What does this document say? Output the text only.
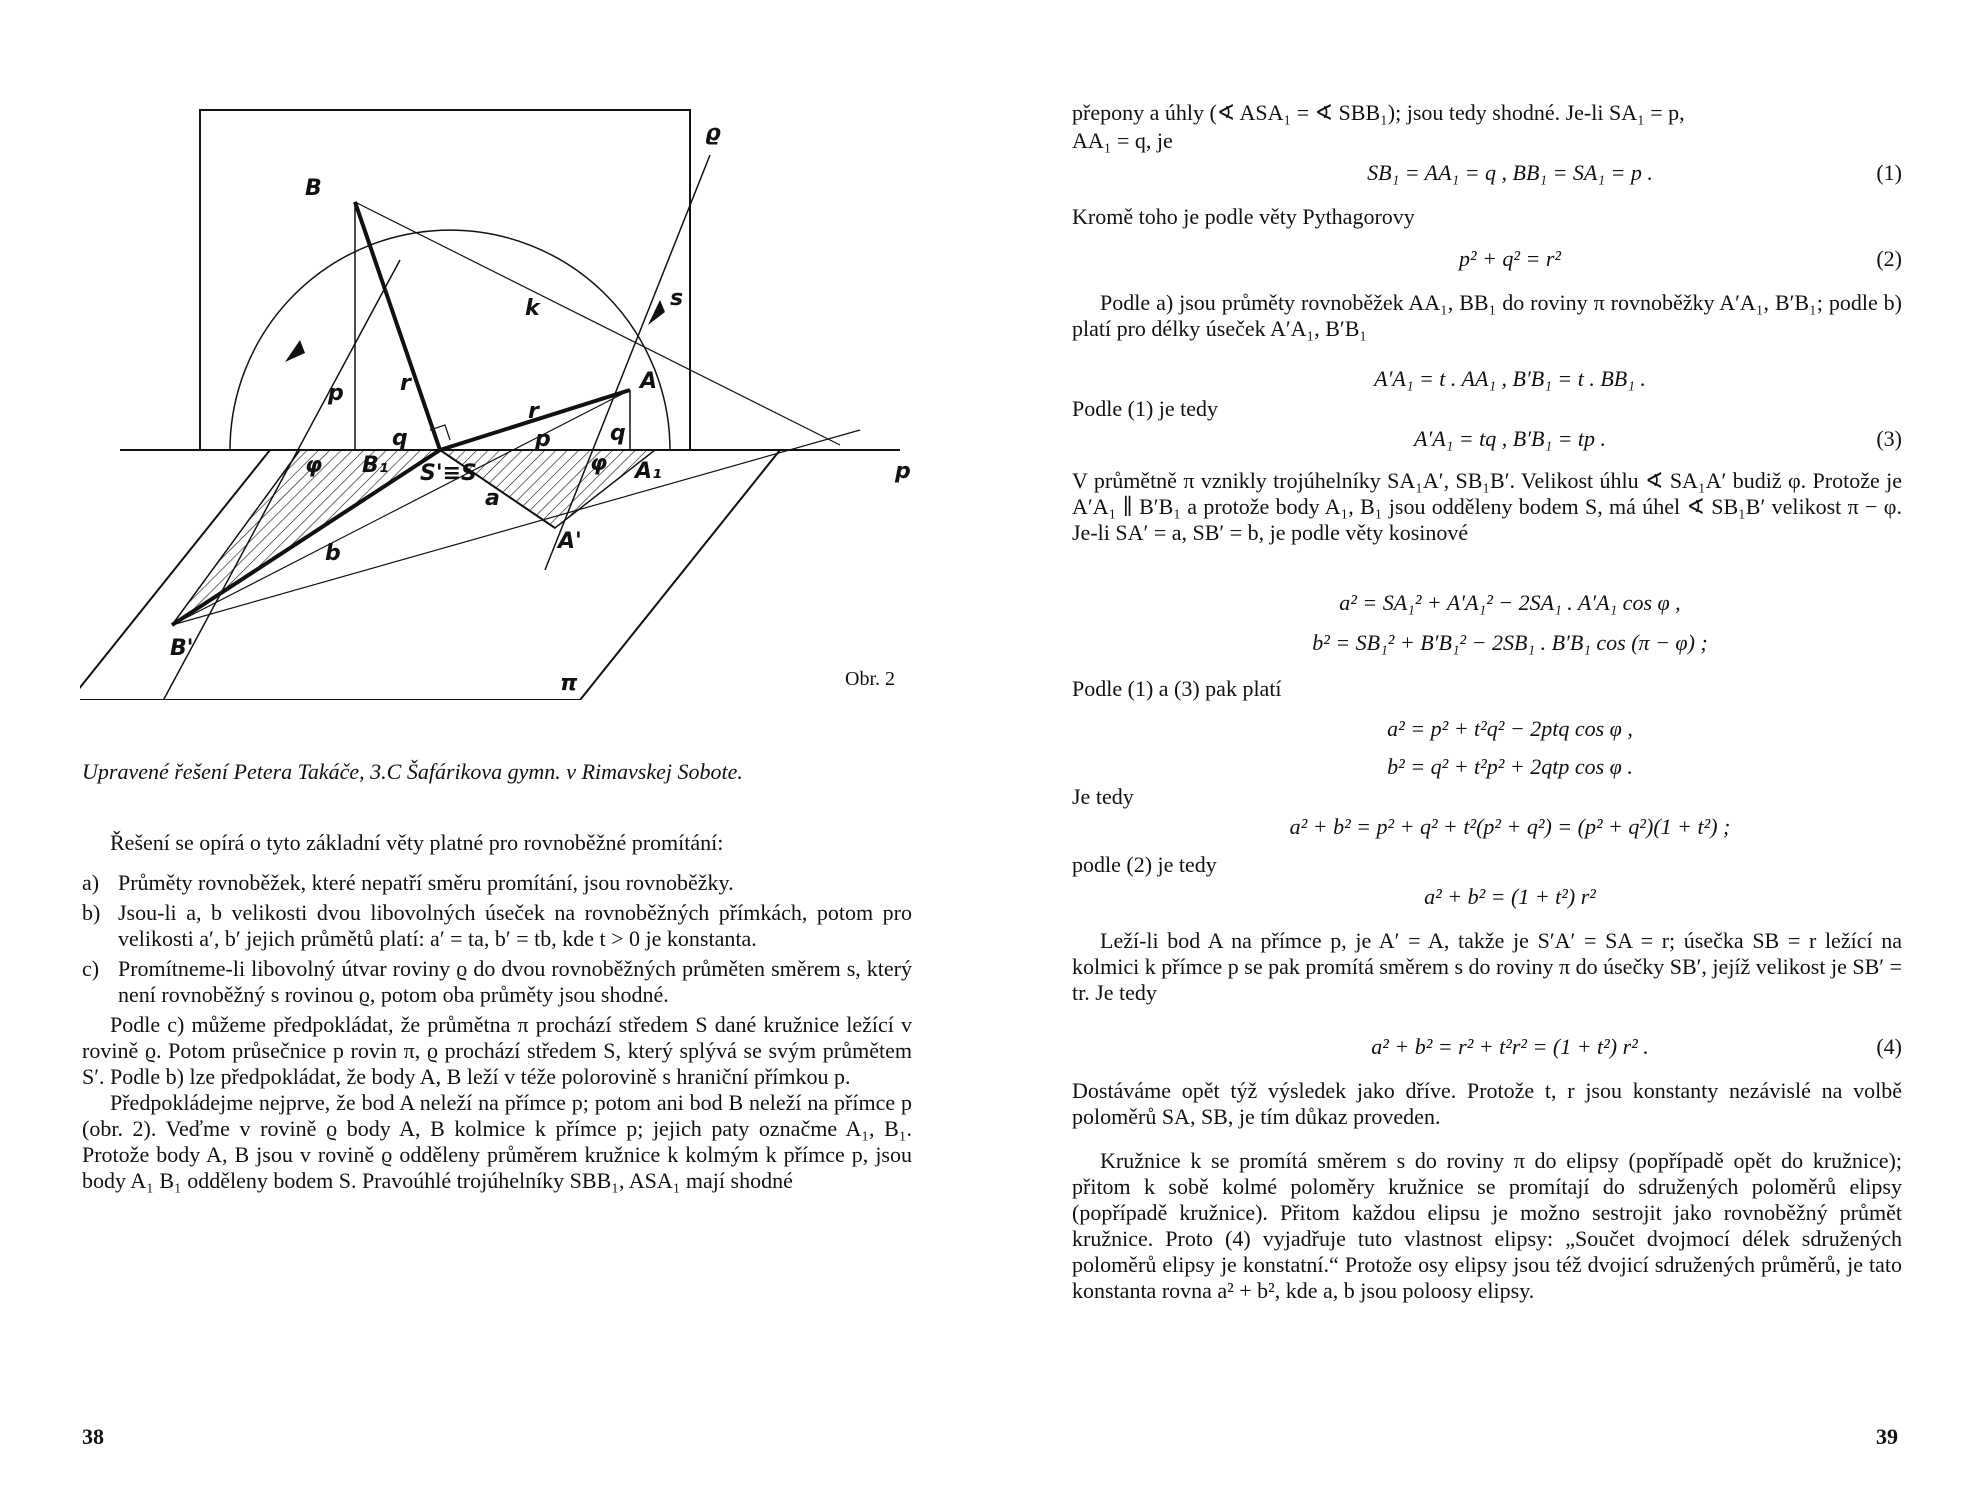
B
ϱ
k	s
A
p	r
r
q
q	p
φ B₁ S'≡S	φ A₁
a
A'
b
B'
π
p
Obr. 2
Upravené řešení Petera Takáče, 3.C Šafárikova gymn. v Rimavskej Sobote.

Řešení se opírá o tyto základní věty platné pro rovnoběžné promítání:

a) Průměty rovnoběžek, které nepatří směru promítání, jsou rovnoběžky.
b) Jsou-li a, b velikosti dvou libovolných úseček na rovnoběžných přímkách, potom pro velikosti a′, b′ jejich průmětů platí: a′ = ta, b′ = tb, kde t > 0 je konstanta.
c) Promítneme-li libovolný útvar roviny ϱ do dvou rovnoběžných průměten směrem s, který není rovnoběžný s rovinou ϱ, potom oba průměty jsou shodné.

Podle c) můžeme předpokládat, že průmětna π prochází středem S dané kružnice ležící v rovině ϱ. Potom průsečnice p rovin π, ϱ prochází středem S, který splývá se svým průmětem S′. Podle b) lze předpokládat, že body A, B leží v téže polorovině s hraniční přímkou p.

Předpokládejme nejprve, že bod A neleží na přímce p; potom ani bod B neleží na přímce p (obr. 2). Veďme v rovině ϱ body A, B kolmice k přímce p; jejich paty označme A₁, B₁. Protože body A, B jsou v rovině ϱ odděleny průměrem kružnice k kolmým k přímce p, jsou body A₁ B₁ odděleny bodem S. Pravoúhlé trojúhelníky SBB₁, ASA₁ mají shodné

38
přepony a úhly (∢ ASA₁ = ∢ SBB₁); jsou tedy shodné. Je-li SA₁ = p,
AA₁ = q, je
SB₁ = AA₁ = q , BB₁ = SA₁ = p .	(1)
Kromě toho je podle věty Pythagorovy
p² + q² = r²	(2)

Podle a) jsou průměty rovnoběžek AA₁, BB₁ do roviny π rovnoběžky A′A₁, B′B₁; podle b) platí pro délky úseček A′A₁, B′B₁

A′A₁ = t . AA₁ , B′B₁ = t . BB₁ .
Podle (1) je tedy
A′A₁ = tq , B′B₁ = tp .	(3)

V průmětně π vznikly trojúhelníky SA₁A′, SB₁B′. Velikost úhlu ∢ SA₁A′ budiž φ. Protože je A′A₁ ∥ B′B₁ a protože body A₁, B₁ jsou odděleny bodem S, má úhel ∢ SB₁B′ velikost π − φ. Je-li SA′ = a, SB′ = b, je podle věty kosinové

a² = SA₁² + A′A₁² − 2SA₁ . A′A₁ cos φ ,
b² = SB₁² + B′B₁² − 2SB₁ . B′B₁ cos (π − φ) ;
Podle (1) a (3) pak platí
a² = p² + t²q² − 2ptq cos φ ,
b² = q² + t²p² + 2qtp cos φ .
Je tedy
a² + b² = p² + q² + t²(p² + q²) = (p² + q²)(1 + t²) ;
podle (2) je tedy
a² + b² = (1 + t²) r²

Leží-li bod A na přímce p, je A′ = A, takže je S′A′ = SA = r; úsečka SB = r ležící na kolmici k přímce p se pak promítá směrem s do roviny π do úsečky SB′, jejíž velikost je SB′ = tr. Je tedy

a² + b² = r² + t²r² = (1 + t²) r² .	(4)

Dostáváme opět týž výsledek jako dříve. Protože t, r jsou konstanty nezávislé na volbě poloměrů SA, SB, je tím důkaz proveden.

Kružnice k se promítá směrem s do roviny π do elipsy (popřípadě opět do kružnice); přitom k sobě kolmé poloměry kružnice se promítají do sdružených poloměrů elipsy (popřípadě kružnice). Přitom každou elipsu je možno sestrojit jako rovnoběžný průmět kružnice. Proto (4) vyjadřuje tuto vlastnost elipsy: „Součet dvojmocí délek sdružených poloměrů elipsy je konstatní.“ Protože osy elipsy jsou též dvojicí sdružených průměrů, je tato konstanta rovna a² + b², kde a, b jsou poloosy elipsy.

39
